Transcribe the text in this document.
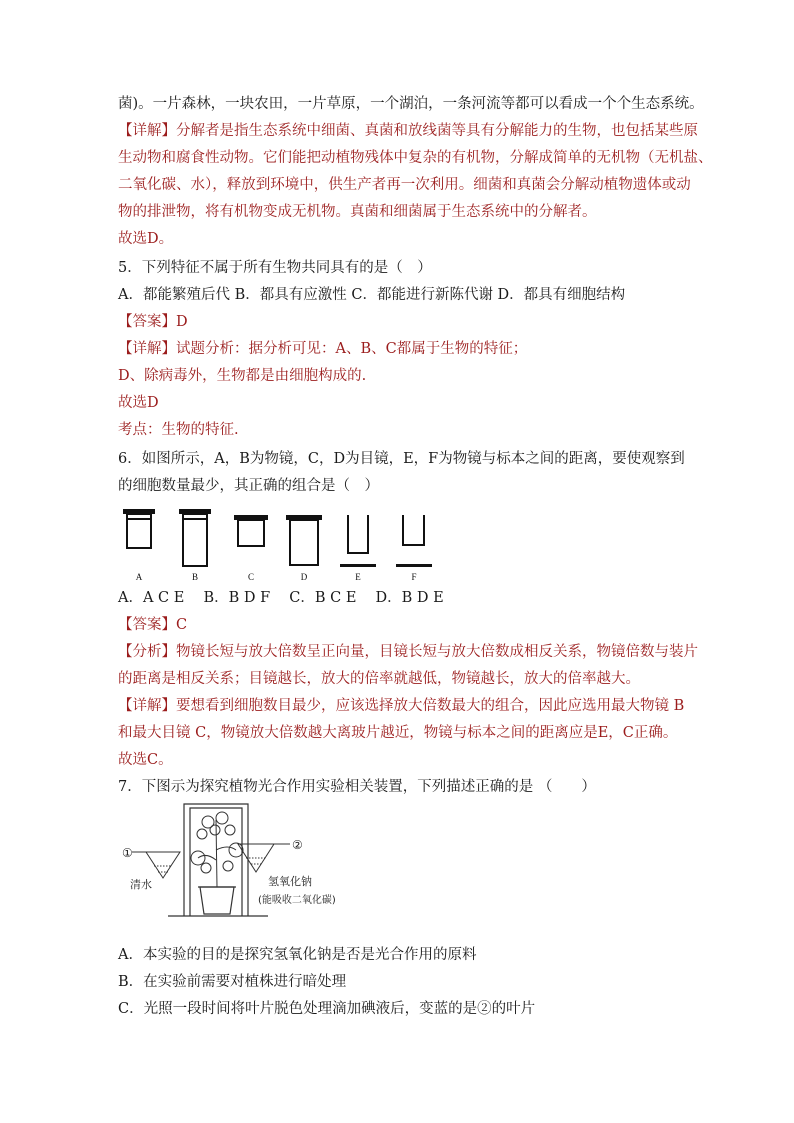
菌)。一片森林，一块农田，一片草原，一个湖泊，一条河流等都可以看成一个个生态系统。
【详解】分解者是指生态系统中细菌、真菌和放线菌等具有分解能力的生物，也包括某些原
生动物和腐食性动物。它们能把动植物残体中复杂的有机物，分解成简单的无机物（无机盐、
二氧化碳、水），释放到环境中，供生产者再一次利用。细菌和真菌会分解动植物遗体或动
物的排泄物，将有机物变成无机物。真菌和细菌属于生态系统中的分解者。
故选D。
5．下列特征不属于所有生物共同具有的是（　）
A．都能繁殖后代 B．都具有应激性 C．都能进行新陈代谢 D．都具有细胞结构
【答案】D
【详解】试题分析：据分析可见：A、B、C都属于生物的特征；
D、除病毒外，生物都是由细胞构成的.
故选D
考点：生物的特征.
6．如图所示，A，B为物镜，C，D为目镜，E，F为物镜与标本之间的距离，要使观察到
的细胞数量最少，其正确的组合是（　）
A	B	C	D	E	F
A．A C E　 B．B D F　 C．B C E　 D．B D E
【答案】C
【分析】物镜长短与放大倍数呈正向量，目镜长短与放大倍数成相反关系，物镜倍数与装片
的距离是相反关系；目镜越长，放大的倍率就越低，物镜越长，放大的倍率越大。
【详解】要想看到细胞数目最少，应该选择放大倍数最大的组合，因此应选用最大物镜 B
和最大目镜 C，物镜放大倍数越大离玻片越近，物镜与标本之间的距离应是E，C正确。
故选C。
7．下图示为探究植物光合作用实验相关装置，下列描述正确的是 （　　）
①
②
清水	氢氧化钠
(能吸收二氧化碳)
A．本实验的目的是探究氢氧化钠是否是光合作用的原料
B．在实验前需要对植株进行暗处理
C．光照一段时间将叶片脱色处理滴加碘液后，变蓝的是②的叶片
